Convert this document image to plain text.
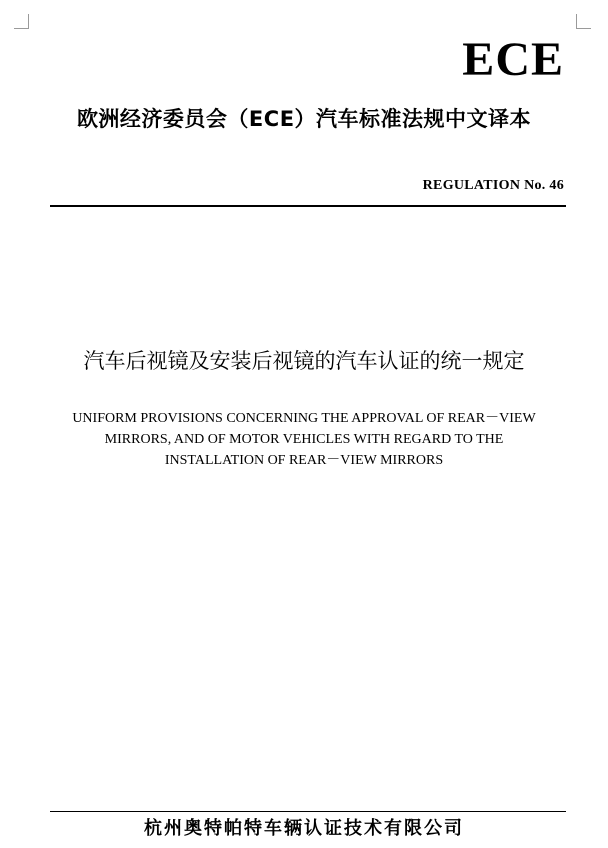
ECE
欧洲经济委员会（ECE）汽车标准法规中文译本
REGULATION No. 46
汽车后视镜及安装后视镜的汽车认证的统一规定
UNIFORM PROVISIONS CONCERNING THE APPROVAL OF REAR－VIEW
MIRRORS, AND OF MOTOR VEHICLES WITH REGARD TO THE
INSTALLATION OF REAR－VIEW MIRRORS
杭州奥特帕特车辆认证技术有限公司
